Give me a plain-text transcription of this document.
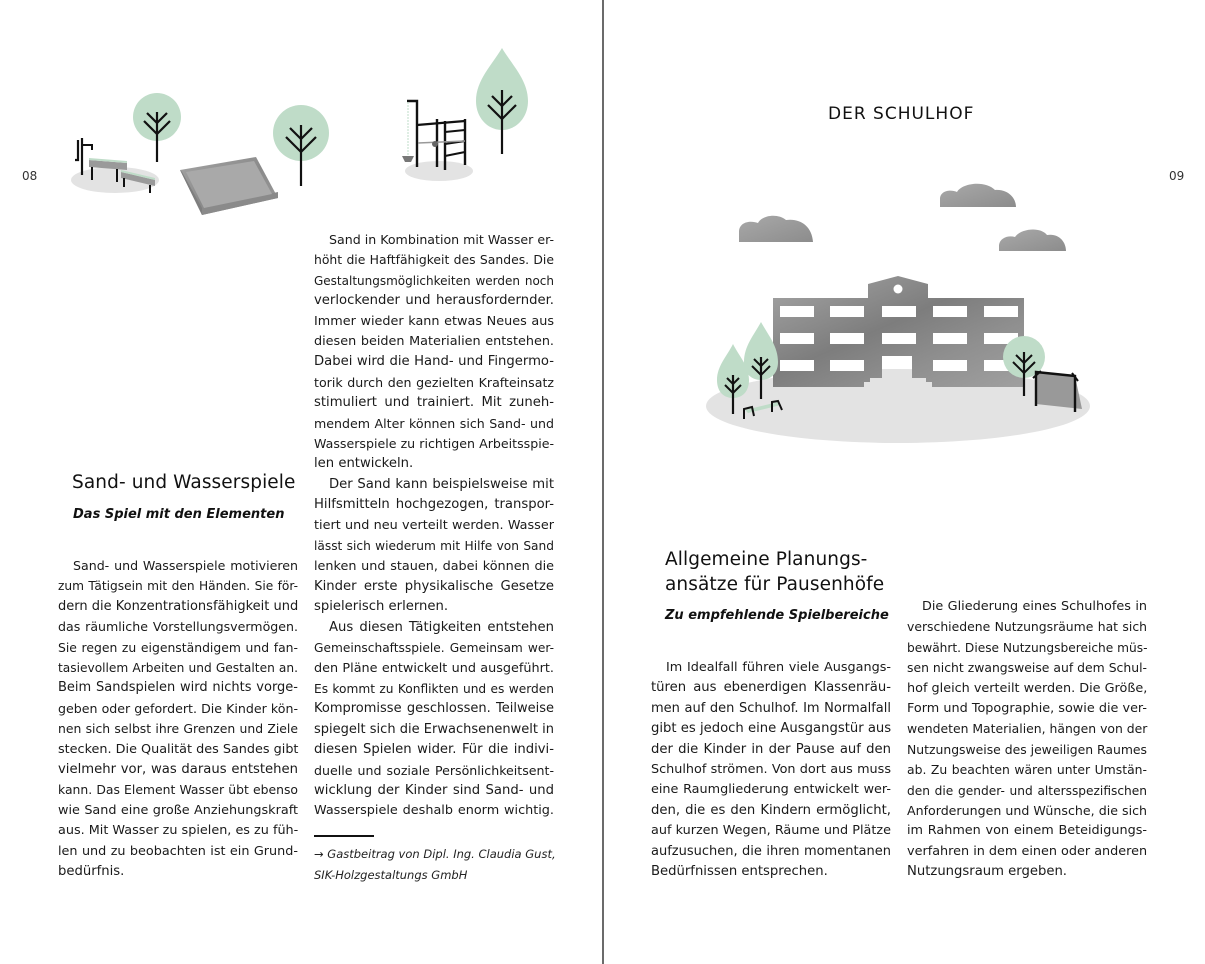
08	09
Sand- und Wasserspiele
Das Spiel mit den Elementen
Sand- und Wasserspiele motivieren
zum Tätigsein mit den Händen. Sie för-
dern die Konzentrationsfähigkeit und
das räumliche Vorstellungsvermögen.
Sie regen zu eigenständigem und fan-
tasievollem Arbeiten und Gestalten an.
Beim Sandspielen wird nichts vorge-
geben oder gefordert. Die Kinder kön-
nen sich selbst ihre Grenzen und Ziele
stecken. Die Qualität des Sandes gibt
vielmehr vor, was daraus entstehen
kann. Das Element Wasser übt ebenso
wie Sand eine große Anziehungskraft
aus. Mit Wasser zu spielen, es zu füh-
len und zu beobachten ist ein Grund-
bedürfnis.
Sand in Kombination mit Wasser er-
höht die Haftfähigkeit des Sandes. Die
Gestaltungsmöglichkeiten werden noch
verlockender und herausfordernder.
Immer wieder kann etwas Neues aus
diesen beiden Materialien entstehen.
Dabei wird die Hand- und Fingermo-
torik durch den gezielten Krafteinsatz
stimuliert und trainiert. Mit zuneh-
mendem Alter können sich Sand- und
Wasserspiele zu richtigen Arbeitsspie-
len entwickeln.
Der Sand kann beispielsweise mit
Hilfsmitteln hochgezogen, transpor-
tiert und neu verteilt werden. Wasser
lässt sich wiederum mit Hilfe von Sand
lenken und stauen, dabei können die
Kinder erste physikalische Gesetze
spielerisch erlernen.
Aus diesen Tätigkeiten entstehen
Gemeinschaftsspiele. Gemeinsam wer-
den Pläne entwickelt und ausgeführt.
Es kommt zu Konflikten und es werden
Kompromisse geschlossen. Teilweise
spiegelt sich die Erwachsenenwelt in
diesen Spielen wider. Für die indivi-
duelle und soziale Persönlichkeitsent-
wicklung der Kinder sind Sand- und
Wasserspiele deshalb enorm wichtig.
→ Gastbeitrag von Dipl. Ing. Claudia Gust,
SIK-Holzgestaltungs GmbH
DER SCHULHOF
Allgemeine Planungs-
ansätze für Pausenhöfe
Zu empfehlende Spielbereiche
Im Idealfall führen viele Ausgangs-
türen aus ebenerdigen Klassenräu-
men auf den Schulhof. Im Normalfall
gibt es jedoch eine Ausgangstür aus
der die Kinder in der Pause auf den
Schulhof strömen. Von dort aus muss
eine Raumgliederung entwickelt wer-
den, die es den Kindern ermöglicht,
auf kurzen Wegen, Räume und Plätze
aufzusuchen, die ihren momentanen
Bedürfnissen entsprechen.
Die Gliederung eines Schulhofes in
verschiedene Nutzungsräume hat sich
bewährt. Diese Nutzungsbereiche müs-
sen nicht zwangsweise auf dem Schul-
hof gleich verteilt werden. Die Größe,
Form und Topographie, sowie die ver-
wendeten Materialien, hängen von der
Nutzungsweise des jeweiligen Raumes
ab. Zu beachten wären unter Umstän-
den die gender- und altersspezifischen
Anforderungen und Wünsche, die sich
im Rahmen von einem Beteidigungs-
verfahren in dem einen oder anderen
Nutzungsraum ergeben.
